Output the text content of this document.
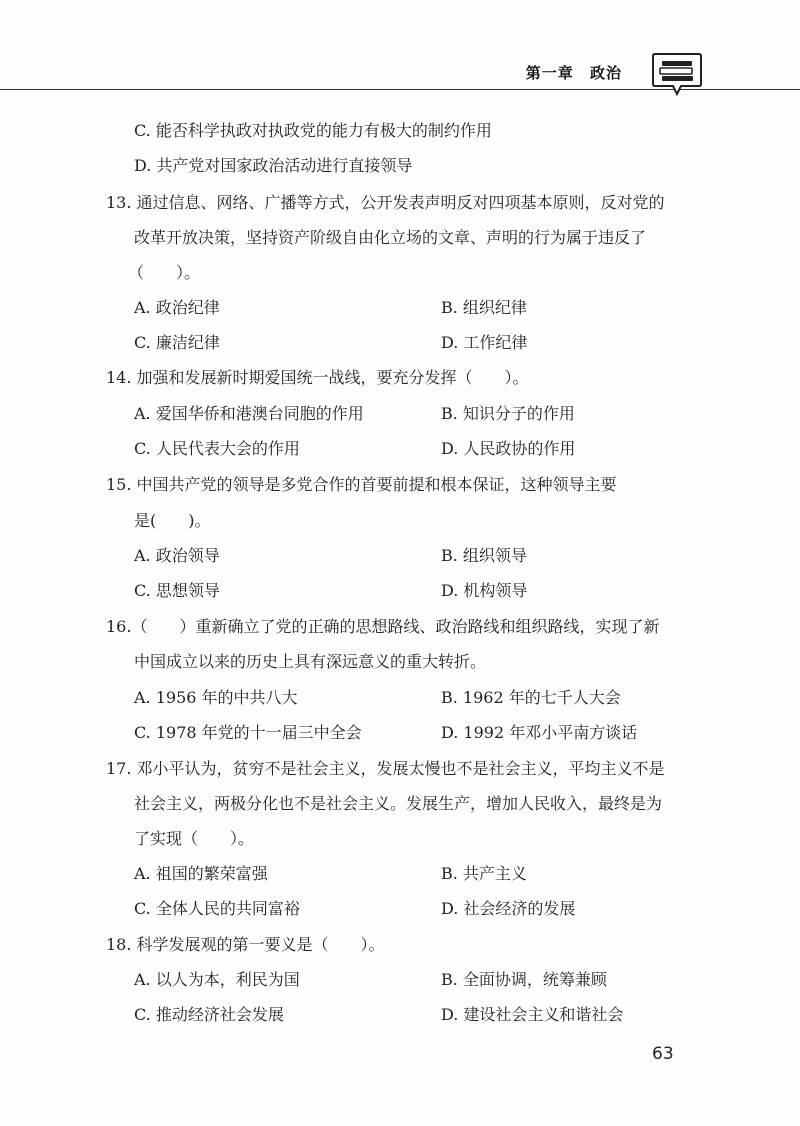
第一章 政治
C. 能否科学执政对执政党的能力有极大的制约作用
D. 共产党对国家政治活动进行直接领导
13. 通过信息、网络、广播等方式，公开发表声明反对四项基本原则，反对党的
改革开放决策，坚持资产阶级自由化立场的文章、声明的行为属于违反了
（　　）。
A. 政治纪律	B. 组织纪律
C. 廉洁纪律	D. 工作纪律
14. 加强和发展新时期爱国统一战线，要充分发挥（　　）。
A. 爱国华侨和港澳台同胞的作用	B. 知识分子的作用
C. 人民代表大会的作用	D. 人民政协的作用
15. 中国共产党的领导是多党合作的首要前提和根本保证，这种领导主要
是(　　)。
A. 政治领导	B. 组织领导
C. 思想领导	D. 机构领导
16.（　　）重新确立了党的正确的思想路线、政治路线和组织路线，实现了新
中国成立以来的历史上具有深远意义的重大转折。
A. 1956 年的中共八大	B. 1962 年的七千人大会
C. 1978 年党的十一届三中全会	D. 1992 年邓小平南方谈话
17. 邓小平认为，贫穷不是社会主义，发展太慢也不是社会主义，平均主义不是
社会主义，两极分化也不是社会主义。发展生产，增加人民收入，最终是为
了实现（　　）。
A. 祖国的繁荣富强	B. 共产主义
C. 全体人民的共同富裕	D. 社会经济的发展
18. 科学发展观的第一要义是（　　）。
A. 以人为本，利民为国	B. 全面协调，统筹兼顾
C. 推动经济社会发展	D. 建设社会主义和谐社会
63
